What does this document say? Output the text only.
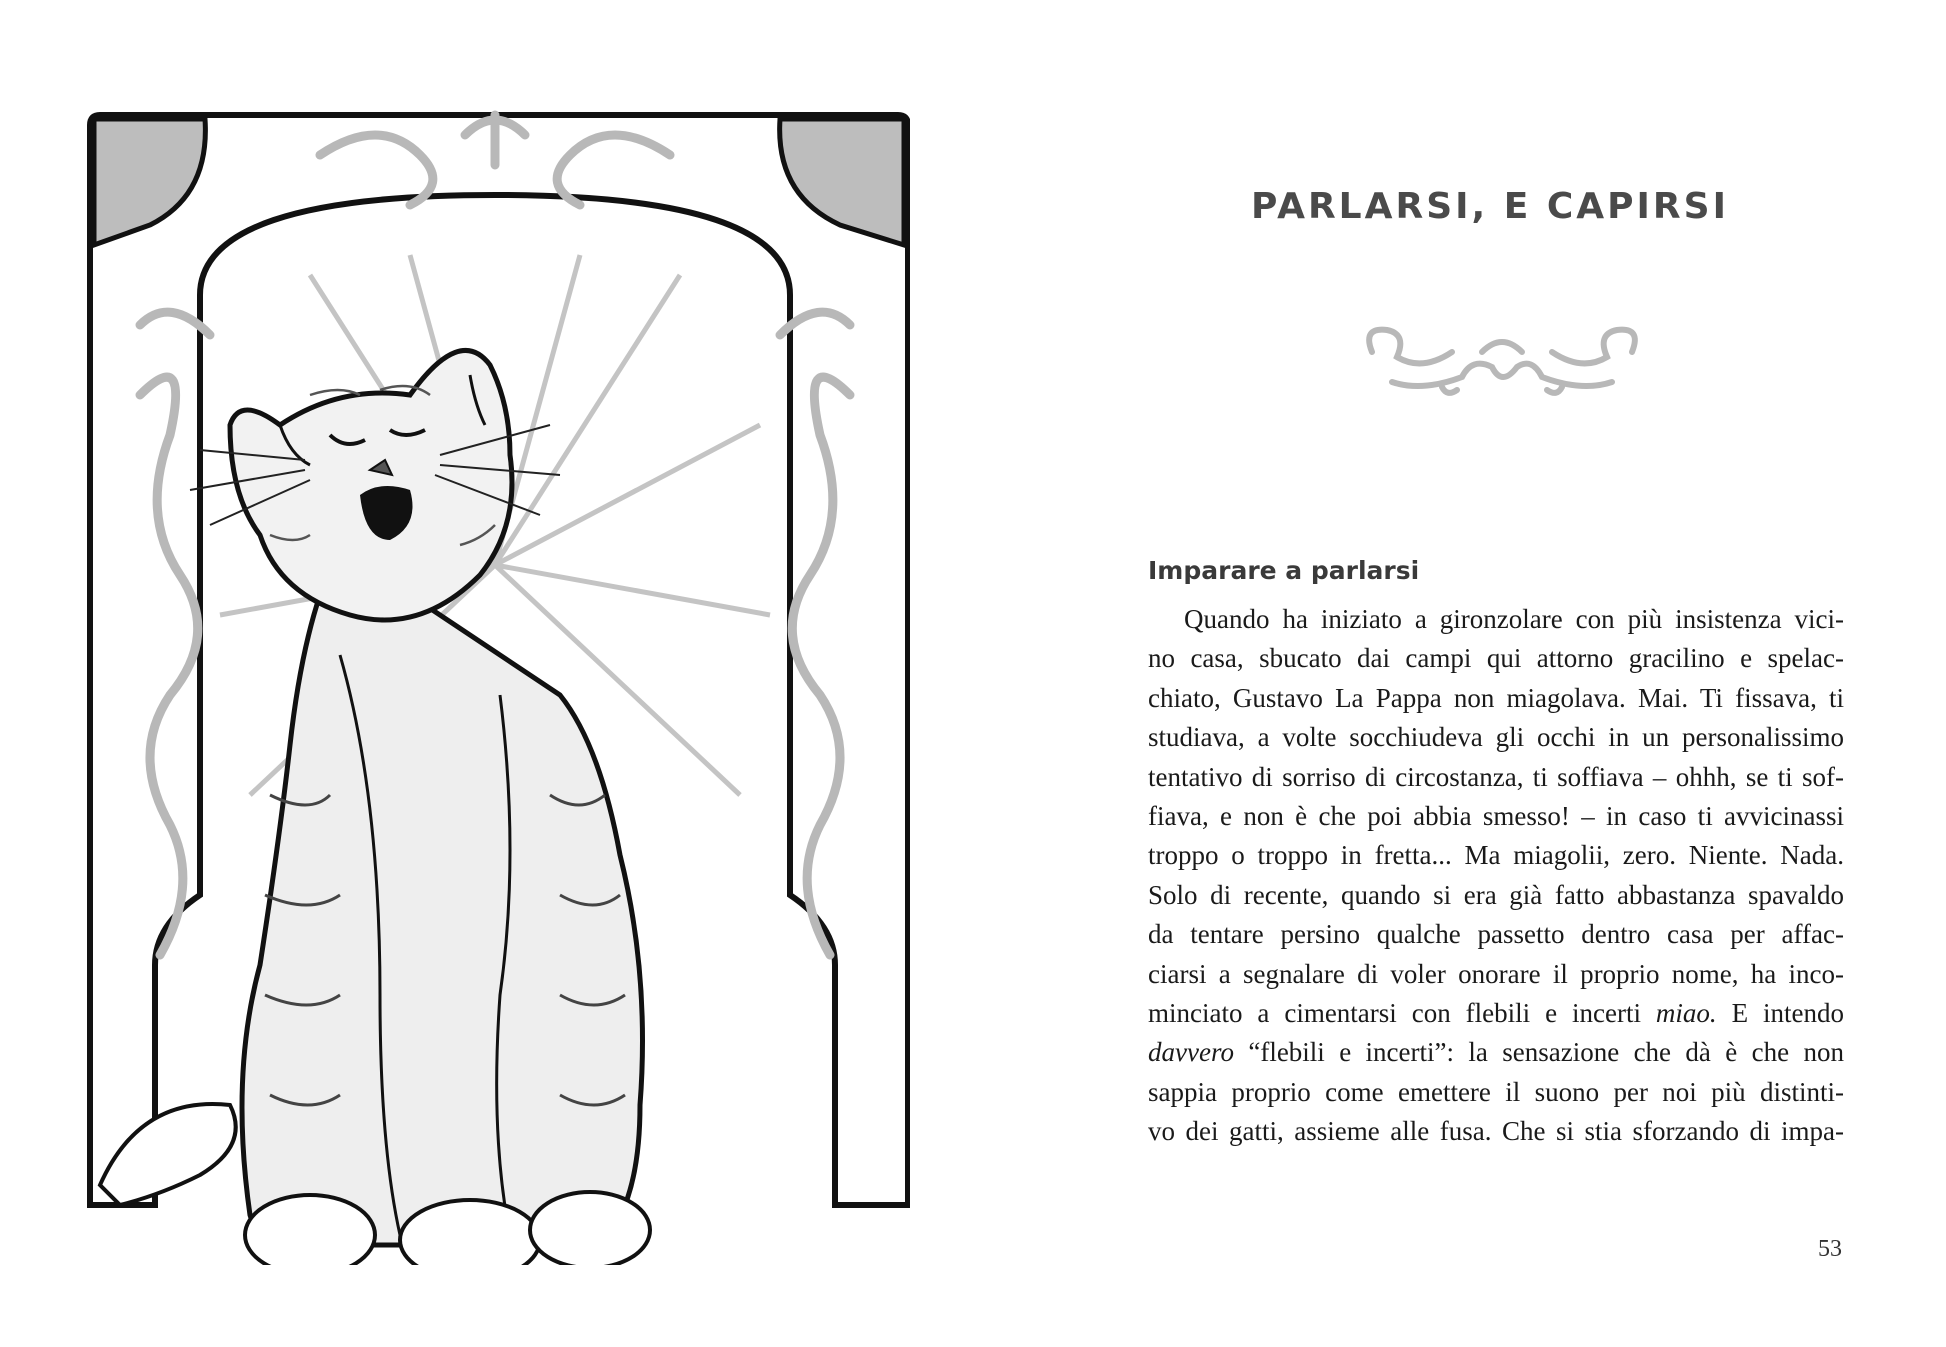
PARLARSI, E CAPIRSI
Imparare a parlarsi
Quando ha iniziato a gironzolare con più insistenza vici-
no casa, sbucato dai campi qui attorno gracilino e spelac-
chiato, Gustavo La Pappa non miagolava. Mai. Ti fissava, ti
studiava, a volte socchiudeva gli occhi in un personalissimo
tentativo di sorriso di circostanza, ti soffiava – ohhh, se ti sof-
fiava, e non è che poi abbia smesso! – in caso ti avvicinassi
troppo o troppo in fretta... Ma miagolii, zero. Niente. Nada.
Solo di recente, quando si era già fatto abbastanza spavaldo
da tentare persino qualche passetto dentro casa per affac-
ciarsi a segnalare di voler onorare il proprio nome, ha inco-
minciato a cimentarsi con flebili e incerti miao. E intendo
davvero “flebili e incerti”: la sensazione che dà è che non
sappia proprio come emettere il suono per noi più distinti-
vo dei gatti, assieme alle fusa. Che si stia sforzando di impa-
53
